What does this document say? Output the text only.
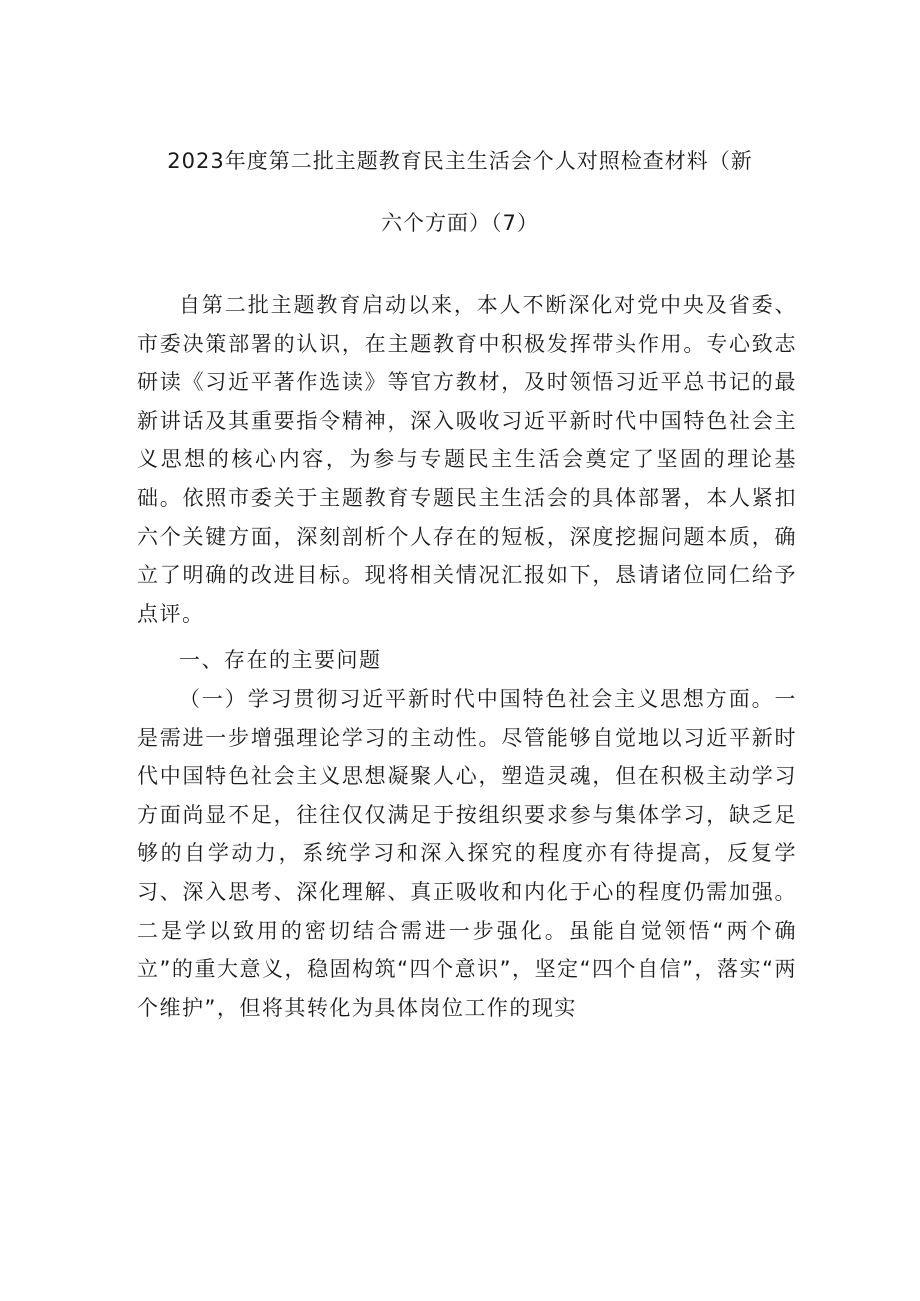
2023年度第二批主题教育民主生活会个人对照检查材料（新
六个方面）（7）

自第二批主题教育启动以来，本人不断深化对党中央及省委、市委决策部署的认识，在主题教育中积极发挥带头作用。专心致志研读《习近平著作选读》等官方教材，及时领悟习近平总书记的最新讲话及其重要指令精神，深入吸收习近平新时代中国特色社会主义思想的核心内容，为参与专题民主生活会奠定了坚固的理论基础。依照市委关于主题教育专题民主生活会的具体部署，本人紧扣六个关键方面，深刻剖析个人存在的短板，深度挖掘问题本质，确立了明确的改进目标。现将相关情况汇报如下，恳请诸位同仁给予点评。

一、存在的主要问题

（一）学习贯彻习近平新时代中国特色社会主义思想方面。一是需进一步增强理论学习的主动性。尽管能够自觉地以习近平新时代中国特色社会主义思想凝聚人心，塑造灵魂，但在积极主动学习方面尚显不足，往往仅仅满足于按组织要求参与集体学习，缺乏足够的自学动力，系统学习和深入探究的程度亦有待提高，反复学习、深入思考、深化理解、真正吸收和内化于心的程度仍需加强。二是学以致用的密切结合需进一步强化。虽能自觉领悟“两个确立”的重大意义，稳固构筑“四个意识”，坚定“四个自信”，落实“两个维护”，但将其转化为具体岗位工作的现实
